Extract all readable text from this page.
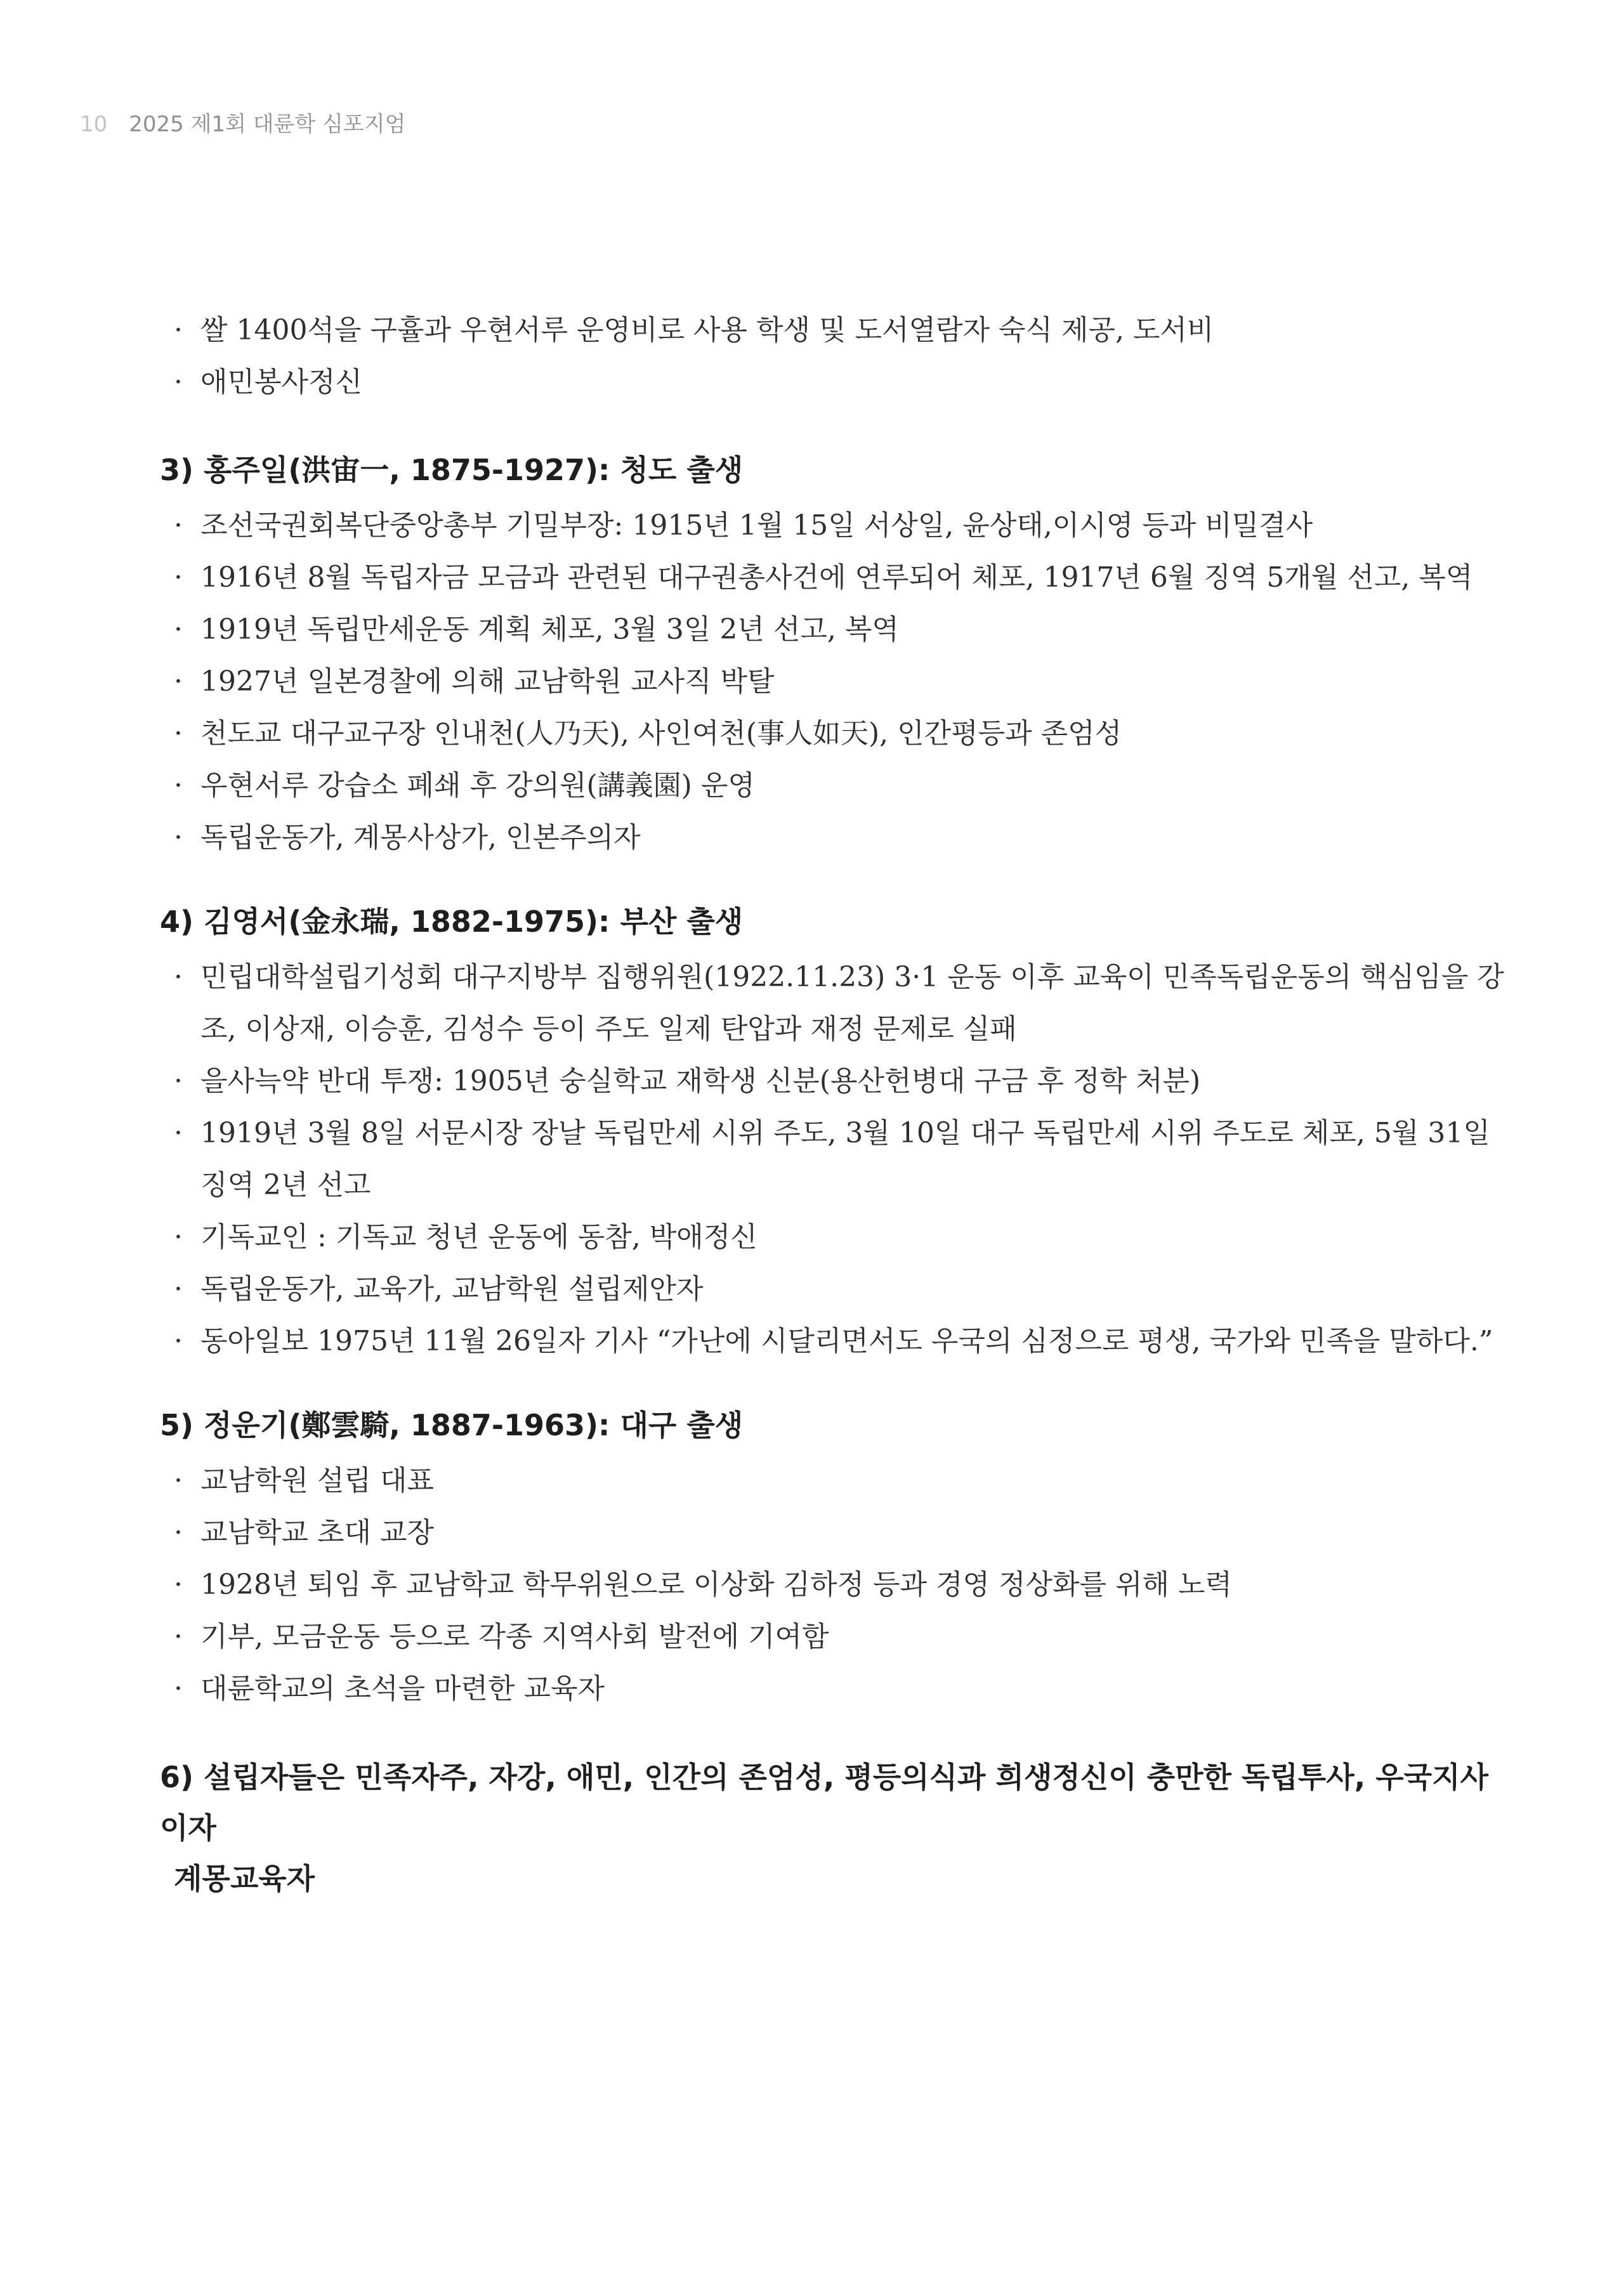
10 2025 제1회 대륜학 심포지엄
· 쌀 1400석을 구휼과 우현서루 운영비로 사용 학생 및 도서열람자 숙식 제공, 도서비
· 애민봉사정신
3) 홍주일(洪宙一, 1875-1927): 청도 출생
· 조선국권회복단중앙총부 기밀부장: 1915년 1월 15일 서상일, 윤상태,이시영 등과 비밀결사
· 1916년 8월 독립자금 모금과 관련된 대구권총사건에 연루되어 체포, 1917년 6월 징역 5개월 선고, 복역
· 1919년 독립만세운동 계획 체포, 3월 3일 2년 선고, 복역
· 1927년 일본경찰에 의해 교남학원 교사직 박탈
· 천도교 대구교구장 인내천(人乃天), 사인여천(事人如天), 인간평등과 존엄성
· 우현서루 강습소 폐쇄 후 강의원(講義園) 운영
· 독립운동가, 계몽사상가, 인본주의자
4) 김영서(金永瑞, 1882-1975): 부산 출생
· 민립대학설립기성회 대구지방부 집행위원(1922.11.23) 3·1 운동 이후 교육이 민족독립운동의 핵심임을 강조, 이상재, 이승훈, 김성수 등이 주도 일제 탄압과 재정 문제로 실패
· 을사늑약 반대 투쟁: 1905년 숭실학교 재학생 신분(용산헌병대 구금 후 정학 처분)
· 1919년 3월 8일 서문시장 장날 독립만세 시위 주도, 3월 10일 대구 독립만세 시위 주도로 체포, 5월 31일 징역 2년 선고
· 기독교인 : 기독교 청년 운동에 동참, 박애정신
· 독립운동가, 교육가, 교남학원 설립제안자
· 동아일보 1975년 11월 26일자 기사 “가난에 시달리면서도 우국의 심정으로 평생, 국가와 민족을 말하다.”
5) 정운기(鄭雲騎, 1887-1963): 대구 출생
· 교남학원 설립 대표
· 교남학교 초대 교장
· 1928년 퇴임 후 교남학교 학무위원으로 이상화 김하정 등과 경영 정상화를 위해 노력
· 기부, 모금운동 등으로 각종 지역사회 발전에 기여함
· 대륜학교의 초석을 마련한 교육자
6) 설립자들은 민족자주, 자강, 애민, 인간의 존엄성, 평등의식과 희생정신이 충만한 독립투사, 우국지사이자
계몽교육자
